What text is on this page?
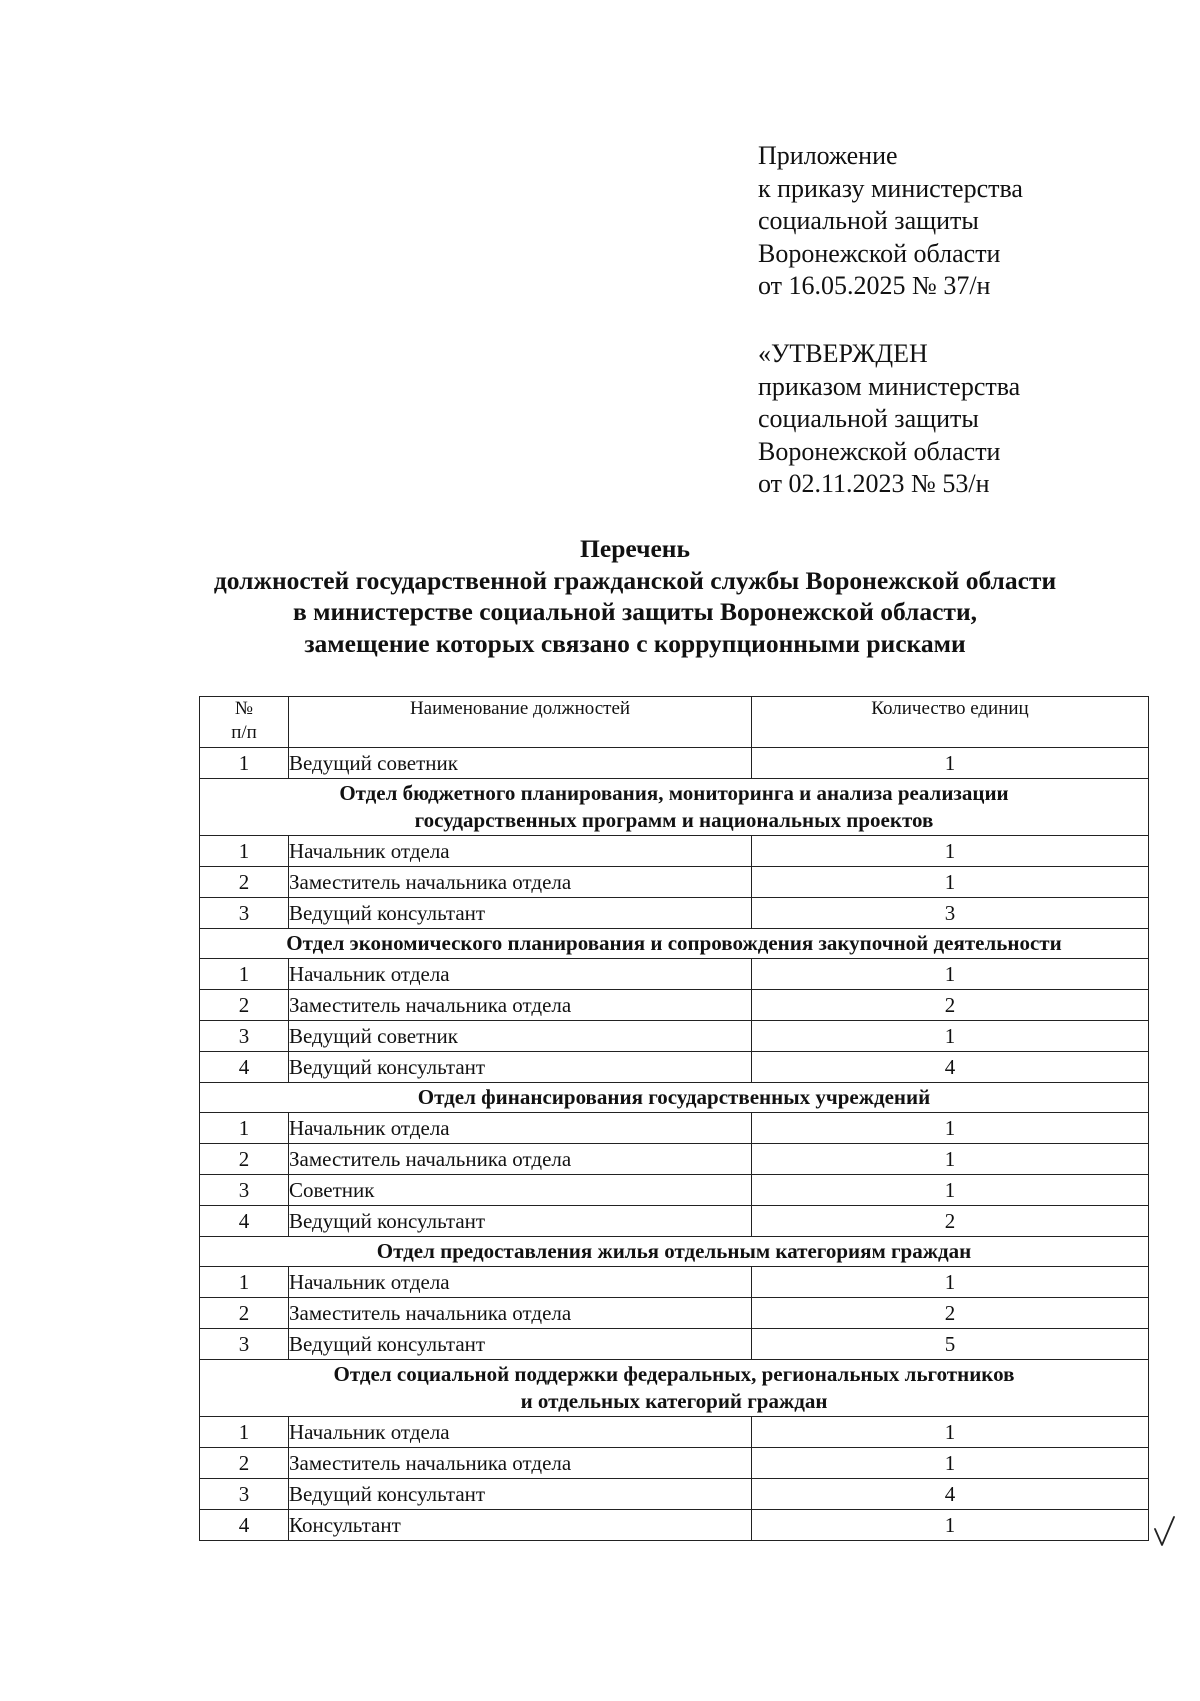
Приложение
к приказу министерства
социальной защиты
Воронежской области
от 16.05.2025 № 37/н
«УТВЕРЖДЕН
приказом министерства
социальной защиты
Воронежской области
от 02.11.2023 № 53/н
Перечень
должностей государственной гражданской службы Воронежской области
в министерстве социальной защиты Воронежской области,
замещение которых связано с коррупционными рисками
№
п/п	Наименование должностей	Количество единиц
1	Ведущий советник	1

Отдел бюджетного планирования, мониторинга и анализа реализации
государственных программ и национальных проектов		

1	Начальник отдела	1
2	Заместитель начальника отдела	1
3	Ведущий консультант	3

Отдел экономического планирования и сопровождения закупочной деятельности		

1	Начальник отдела	1
2	Заместитель начальника отдела	2
3	Ведущий советник	1
4	Ведущий консультант	4

Отдел финансирования государственных учреждений		

1	Начальник отдела	1
2	Заместитель начальника отдела	1
3	Советник	1
4	Ведущий консультант	2

Отдел предоставления жилья отдельным категориям граждан		

1	Начальник отдела	1
2	Заместитель начальника отдела	2
3	Ведущий консультант	5

Отдел социальной поддержки федеральных, региональных льготников
и отдельных категорий граждан		

1	Начальник отдела	1
2	Заместитель начальника отдела	1
3	Ведущий консультант	4
4	Консультант	1
